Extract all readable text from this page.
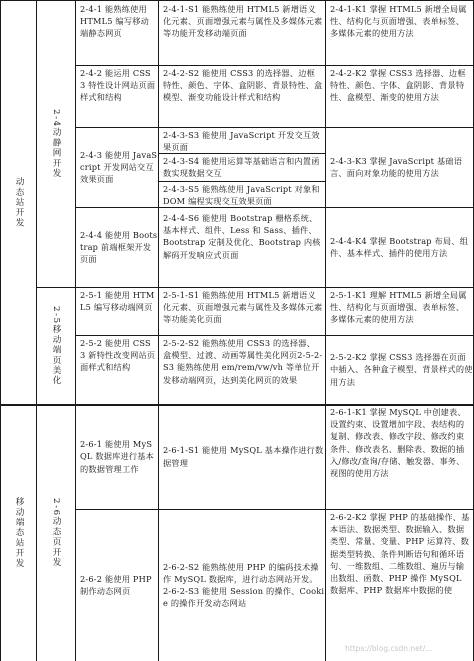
动态站开发
2-4动静网开发
2-4-1 能熟练使用 HTML5 编写移动端静态网页
2-4-1-S1 能熟练使用 HTML5 新增语义化元素、页面增强元素与属性及多媒体元素等功能开发移动端页面
2-4-1-K1 掌握 HTML5 新增全局属性、结构化与页面增强、表单标签、多媒体元素的使用方法
2-4-2 能运用 CSS3 特性设计网站页面样式和结构
2-4-2-S2 能使用 CSS3 的选择器、边框特性、颜色、字体、盒阴影、背景特性、盒模型、渐变功能设计样式和结构
2-4-2-K2 掌握 CSS3 选择器、边框特性、颜色、字体、盒阴影、背景特性、盒模型、渐变的使用方法
2-4-3 能使用 JavaScript 开发网站交互效果页面
2-4-3-S3 能使用 JavaScript 开发交互效果页面
2-4-3-S4 能使用运算等基础语言和内置函数实现数据交互
2-4-3-S5 能熟练使用 JavaScript 对象和 DOM 编程实现交互效果页面
2-4-3-K3 掌握 JavaScript 基础语言、面向对象功能的使用方法
2-4-4 能使用 Bootstrap 前端框架开发页面
2-4-4-S6 能使用 Bootstrap 栅格系统、基本样式、组件、Less 和 Sass、插件、Bootstrap 定制及优化、Bootstrap 内核解码开发响应式页面
2-4-4-K4 掌握 Bootstrap 布局、组件、基本样式、插件的使用方法
2-5移动端页美化
2-5-1 能使用 HTML5 编写移动端网页
2-5-1-S1 能熟练使用 HTML5 新增语义化元素、页面增强元素与属性及多媒体元素等功能美化页面
2-5-1-K1 理解 HTML5 新增全局属性、结构化与页面增强、表单标签、多媒体元素的使用方法
2-5-2 能使用 CSS3 新特性改变网站页面样式和结构
2-5-2-S2 能熟练使用 CSS3 的选择器、盒模型、过渡、动画等属性美化网页2-5-2-S3 能熟练使用 em/rem/vw/vh 等单位开发移动端网页，达到美化网页的效果
2-5-2-K2 掌握 CSS3 选择器在页面中插入、各种盒子模型、背景样式的使用方法
移动端态站开发	2-6动态页开发
2-6-1 能使用 MySQL 数据库进行基本的数据管理工作
2-6-1-S1 能使用 MySQL 基本操作进行数据管理
2-6-1-K1 掌握 MySQL 中创建表、设置约束、设置增加字段、表结构的复制、修改表、修改字段、修改约束条件、修改表名、删除表、数据的插入/修改/查询/存储、触发器、事务、视图的使用方法
2-6-2 能使用 PHP 制作动态网页
2-6-2-S2 能熟练使用 PHP 的编码技术操作 MySQL 数据库，进行动态网站开发。
2-6-2-S3 能使用 Session 的操作、Cookie 的操作开发动态网站
2-6-2-K2 掌握 PHP 的基础操作、基本语法、数据类型、数据输入、数据类型、常量、变量、PHP 运算符、数据类型转换、条件判断语句和循环语句、一维数组、二维数组、遍历与输出数组、函数、PHP 操作 MySQL 数据库、PHP 数据库中数据的使
https://blog.csdn.net/...
